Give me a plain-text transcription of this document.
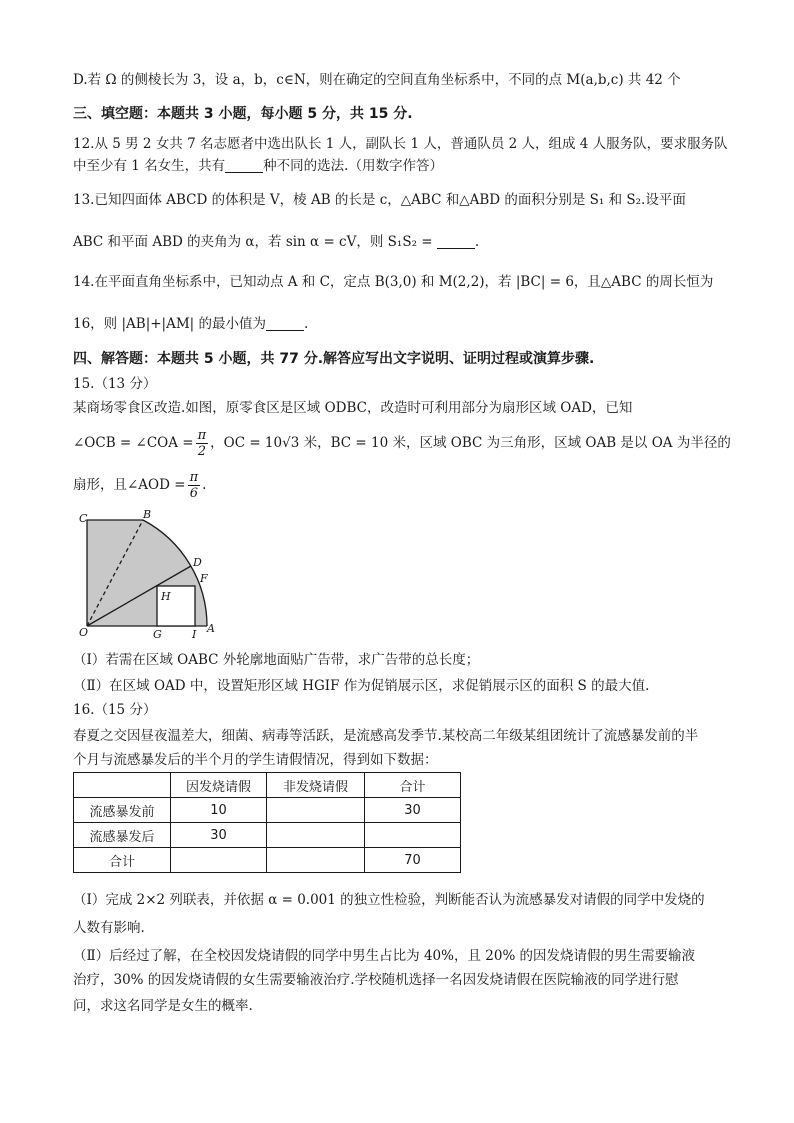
D.若 Ω 的侧棱长为 3，设 a，b，c∈N，则在确定的空间直角坐标系中，不同的点 M(a,b,c) 共 42 个
三、填空题：本题共 3 小题，每小题 5 分，共 15 分.
12.从 5 男 2 女共 7 名志愿者中选出队长 1 人，副队长 1 人，普通队员 2 人，组成 4 人服务队，要求服务队
中至少有 1 名女生，共有	种不同的选法.（用数字作答）
13.已知四面体 ABCD 的体积是 V，棱 AB 的长是 c，△ABC 和△ABD 的面积分别是 S₁ 和 S₂.设平面
ABC 和平面 ABD 的夹角为 α，若 sin α = cV，则 S₁S₂ =	.
14.在平面直角坐标系中，已知动点 A 和 C，定点 B(3,0) 和 M(2,2)，若 |BC| = 6，且△ABC 的周长恒为
16，则 |AB|+|AM| 的最小值为	.
四、解答题：本题共 5 小题，共 77 分.解答应写出文字说明、证明过程或演算步骤.
15.（13 分）
某商场零食区改造.如图，原零食区是区域 ODBC，改造时可利用部分为扇形区域 OAD，已知
∠OCB = ∠COA = $\frac{\pi}{2}$ ，OC = 10√3 米，BC = 10 米，区域 OBC 为三角形，区域 OAB 是以 OA 为半径的
扇形，且∠AOD = $\frac{\pi}{6}$ .
C	B
D
F
H
O	G	I A
（Ⅰ）若需在区域 OABC 外轮廓地面贴广告带，求广告带的总长度；
（Ⅱ）在区域 OAD 中，设置矩形区域 HGIF 作为促销展示区，求促销展示区的面积 S 的最大值.
16.（15 分）
春夏之交因昼夜温差大，细菌、病毒等活跃，是流感高发季节.某校高二年级某组团统计了流感暴发前的半
个月与流感暴发后的半个月的学生请假情况，得到如下数据：
	因发烧请假	非发烧请假	合计
流感暴发前	10		30
流感暴发后	30		
合计			70
（Ⅰ）完成 2×2 列联表，并依据 α = 0.001 的独立性检验，判断能否认为流感暴发对请假的同学中发烧的
人数有影响.
（Ⅱ）后经过了解，在全校因发烧请假的同学中男生占比为 40%，且 20% 的因发烧请假的男生需要输液
治疗，30% 的因发烧请假的女生需要输液治疗.学校随机选择一名因发烧请假在医院输液的同学进行慰
问，求这名同学是女生的概率.
